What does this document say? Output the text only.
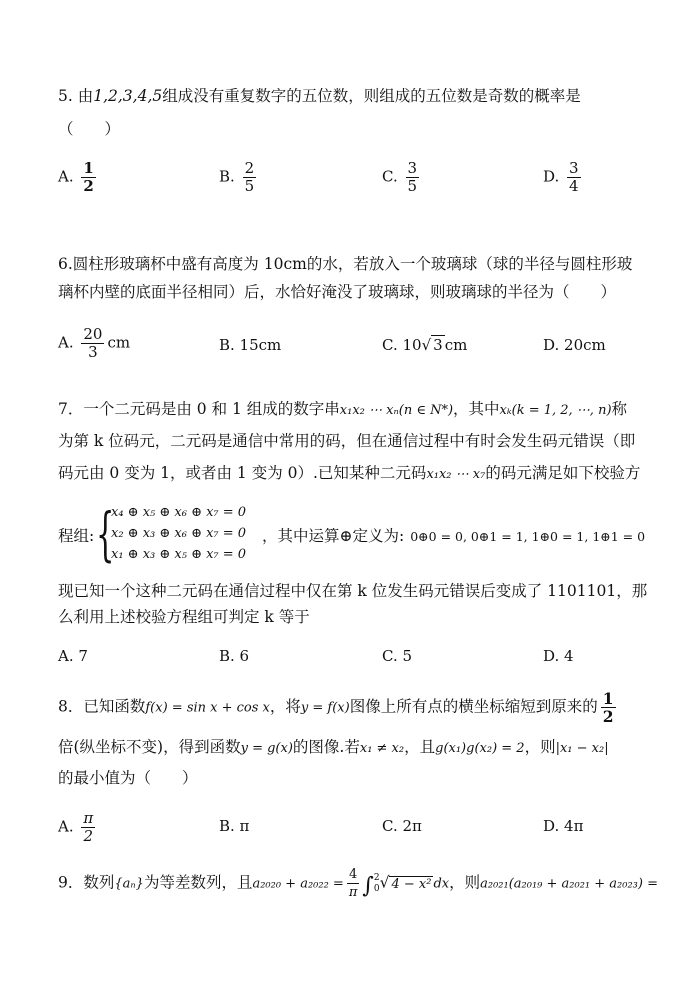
5. 由1,2,3,4,5组成没有重复数字的五位数，则组成的五位数是奇数的概率是
（　　）
A. $\frac{1}{2}$	B. $\frac{2}{5}$	C. $\frac{3}{5}$	D. $\frac{3}{4}$
6.圆柱形玻璃杯中盛有高度为 10cm的水，若放入一个玻璃球（球的半径与圆柱形玻
璃杯内壁的底面半径相同）后，水恰好淹没了玻璃球，则玻璃球的半径为（　　）
A. $\frac{20}{3}$ cm	B. 15cm	C. 10√ 3 cm	D. 20cm
7．一个二元码是由 0 和 1 组成的数字串x₁x₂ ⋯ xₙ(n ∈ N*)，其中xₖ(k = 1, 2, ⋯, n)称
为第 k 位码元，二元码是通信中常用的码，但在通信过程中有时会发生码元错误（即
码元由 0 变为 1，或者由 1 变为 0）.已知某种二元码x₁x₂ ⋯ x₇的码元满足如下校验方
程组: {
x₄ ⊕ x₅ ⊕ x₆ ⊕ x₇ = 0
x₂ ⊕ x₃ ⊕ x₆ ⊕ x₇ = 0
x₁ ⊕ x₃ ⊕ x₅ ⊕ x₇ = 0
，其中运算⊕定义为: 0⊕0 = 0, 0⊕1 = 1, 1⊕0 = 1, 1⊕1 = 0
现已知一个这种二元码在通信过程中仅在第 k 位发生码元错误后变成了 1101101，那
么利用上述校验方程组可判定 k 等于
A. 7	B. 6	C. 5	D. 4
8．已知函数f(x) = sin x + cos x，将y = f(x)图像上所有点的横坐标缩短到原来的 $\frac{1}{2}$
倍(纵坐标不变)，得到函数y = g(x)的图像.若x₁ ≠ x₂，且g(x₁)g(x₂) = 2，则|x₁ − x₂|
的最小值为（　　）
A. $\frac{\pi}{2}$	B. π	C. 2π	D. 4π
9．数列{aₙ}为等差数列，且$a_{2020} + a_{2022} = \frac{4}{\pi}$ ∫ 2
0 √ 4 − x² dx，则a₂₀₂₁(a₂₀₁₉ + a₂₀₂₁ + a₂₀₂₃) =
